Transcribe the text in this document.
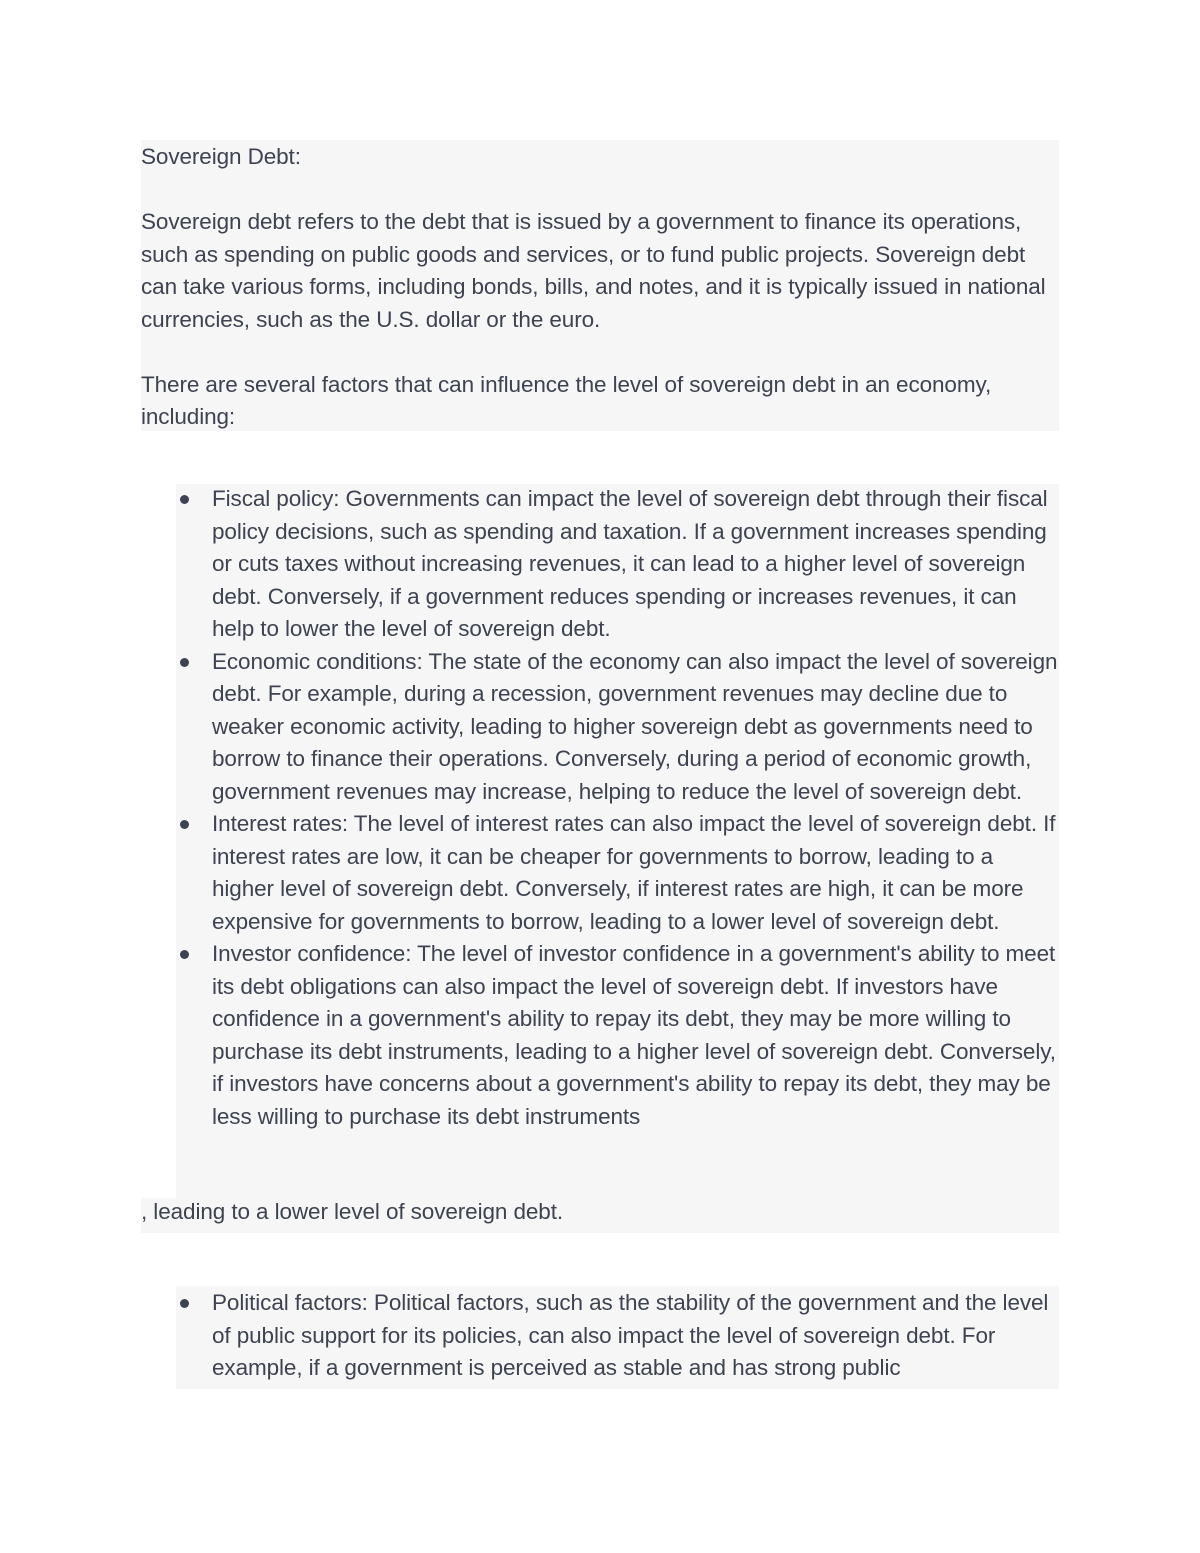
Sovereign Debt:

Sovereign debt refers to the debt that is issued by a government to finance its operations, such as spending on public goods and services, or to fund public projects. Sovereign debt can take various forms, including bonds, bills, and notes, and it is typically issued in national currencies, such as the U.S. dollar or the euro.

There are several factors that can influence the level of sovereign debt in an economy, including:

Fiscal policy: Governments can impact the level of sovereign debt through their fiscal policy decisions, such as spending and taxation. If a government increases spending or cuts taxes without increasing revenues, it can lead to a higher level of sovereign debt. Conversely, if a government reduces spending or increases revenues, it can help to lower the level of sovereign debt.
Economic conditions: The state of the economy can also impact the level of sovereign debt. For example, during a recession, government revenues may decline due to weaker economic activity, leading to higher sovereign debt as governments need to borrow to finance their operations. Conversely, during a period of economic growth, government revenues may increase, helping to reduce the level of sovereign debt.
Interest rates: The level of interest rates can also impact the level of sovereign debt. If interest rates are low, it can be cheaper for governments to borrow, leading to a higher level of sovereign debt. Conversely, if interest rates are high, it can be more expensive for governments to borrow, leading to a lower level of sovereign debt.
Investor confidence: The level of investor confidence in a government's ability to meet its debt obligations can also impact the level of sovereign debt. If investors have confidence in a government's ability to repay its debt, they may be more willing to purchase its debt instruments, leading to a higher level of sovereign debt. Conversely, if investors have concerns about a government's ability to repay its debt, they may be less willing to purchase its debt instruments

, leading to a lower level of sovereign debt.

Political factors: Political factors, such as the stability of the government and the level of public support for its policies, can also impact the level of sovereign debt. For example, if a government is perceived as stable and has strong public
